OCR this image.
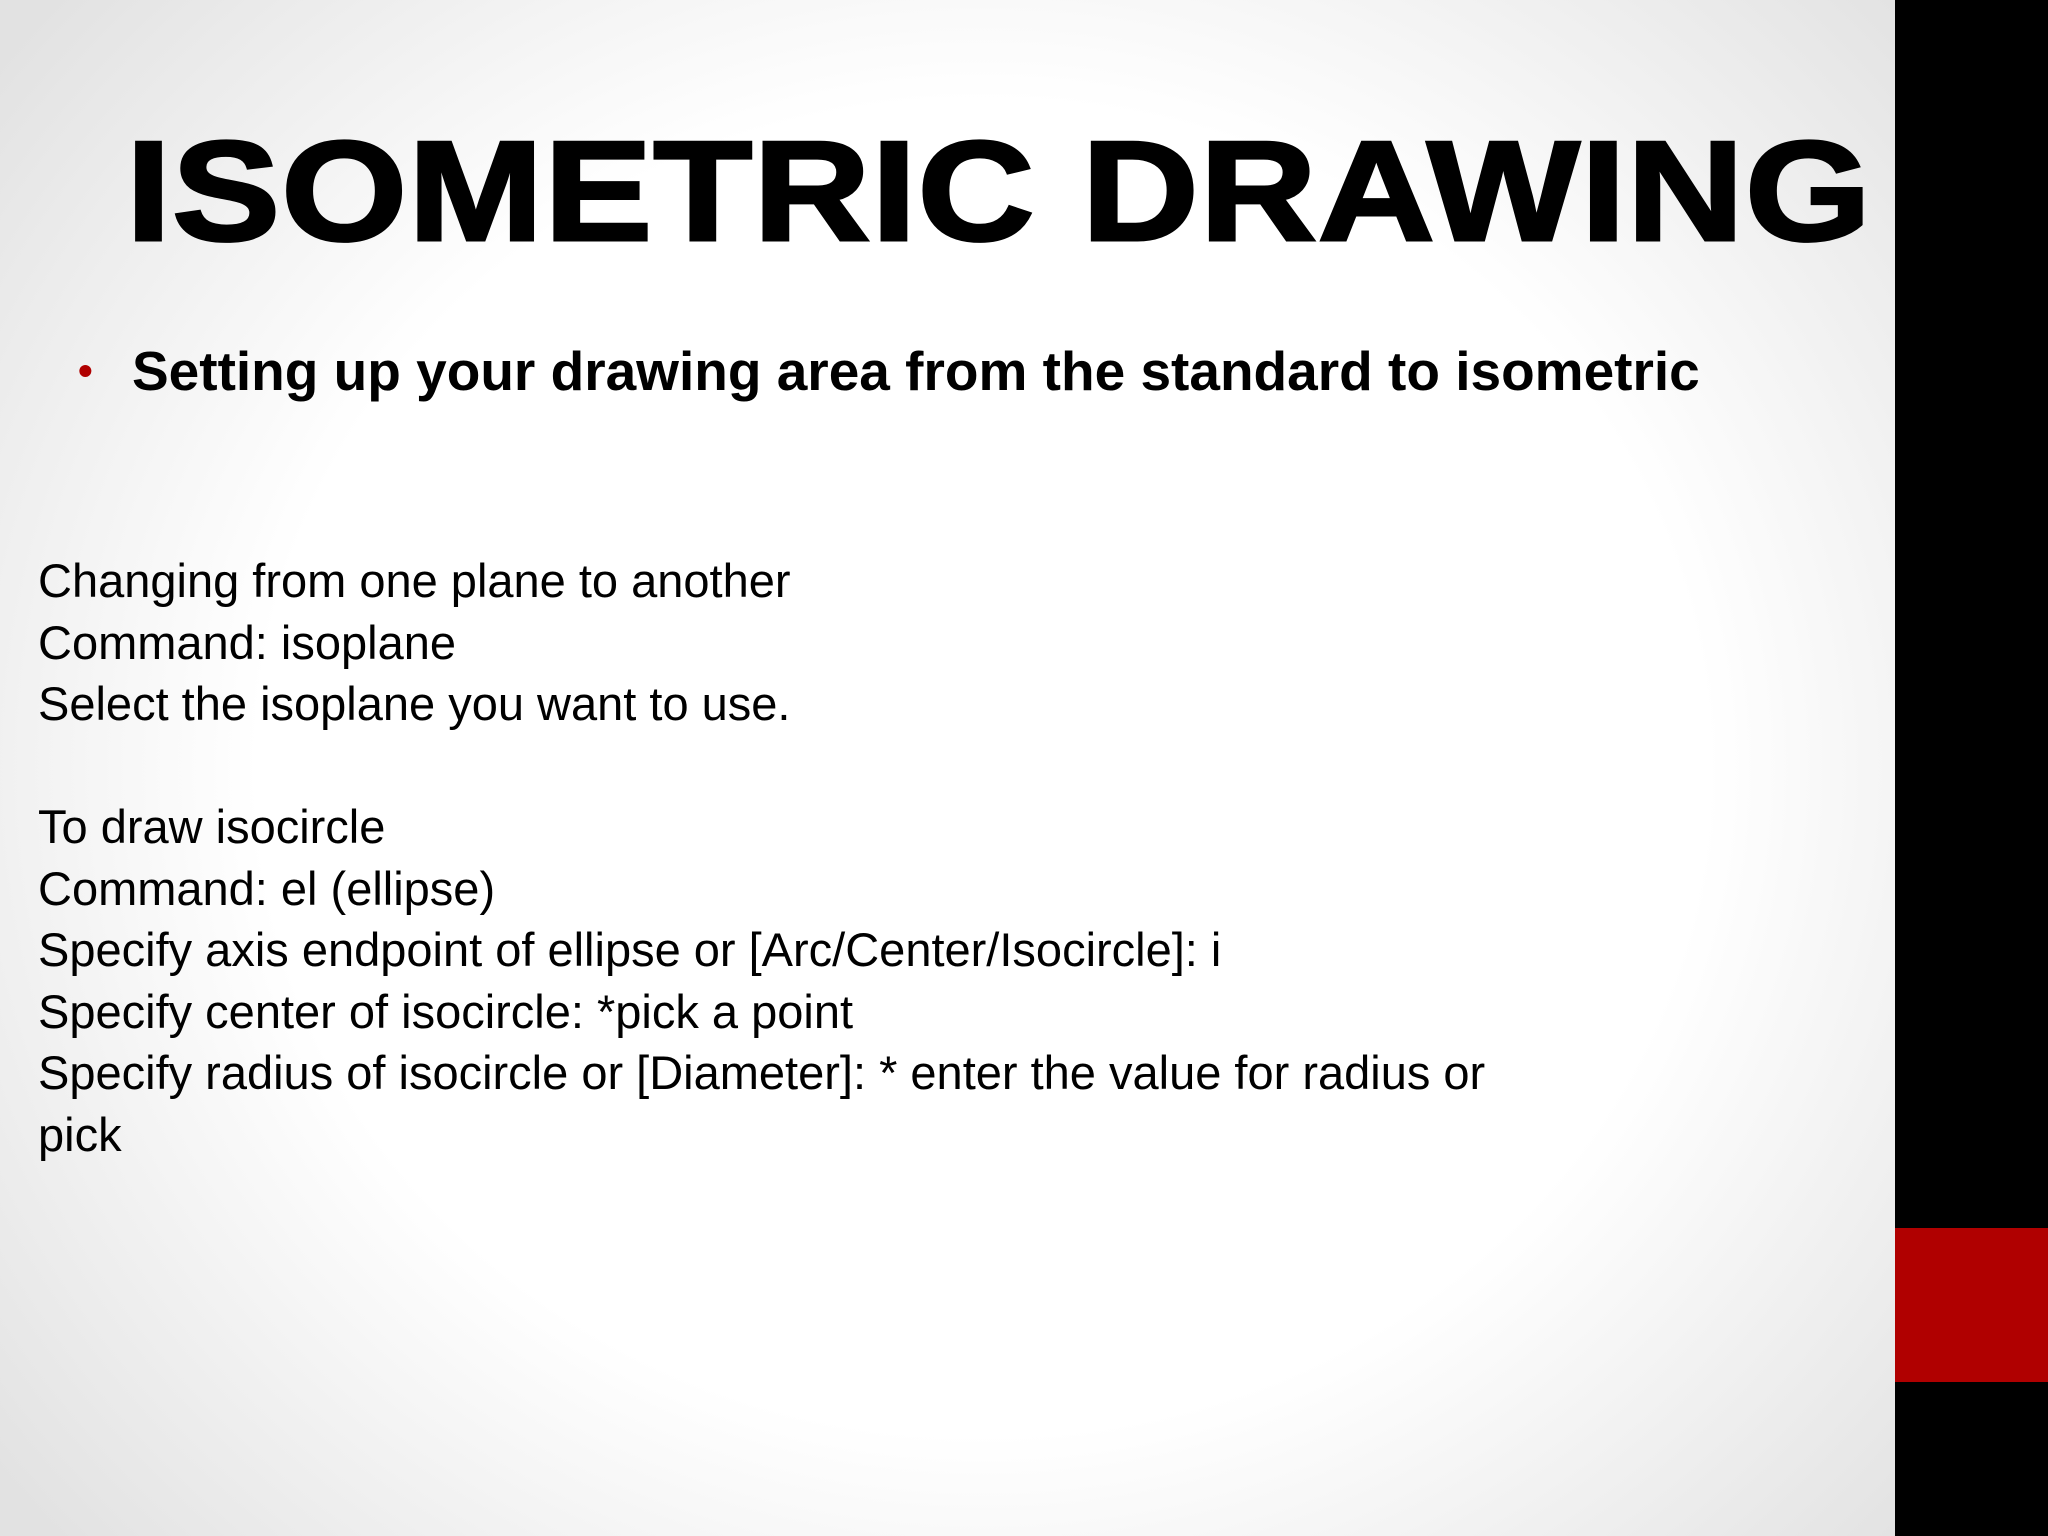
ISOMETRIC DRAWING
• Setting up your drawing area from the standard to isometric
Changing from one plane to another
Command: isoplane
Select the isoplane you want to use.
To draw isocircle
Command: el (ellipse)
Specify axis endpoint of ellipse or [Arc/Center/Isocircle]: i
Specify center of isocircle: *pick a point
Specify radius of isocircle or [Diameter]: * enter the value for radius or
pick
